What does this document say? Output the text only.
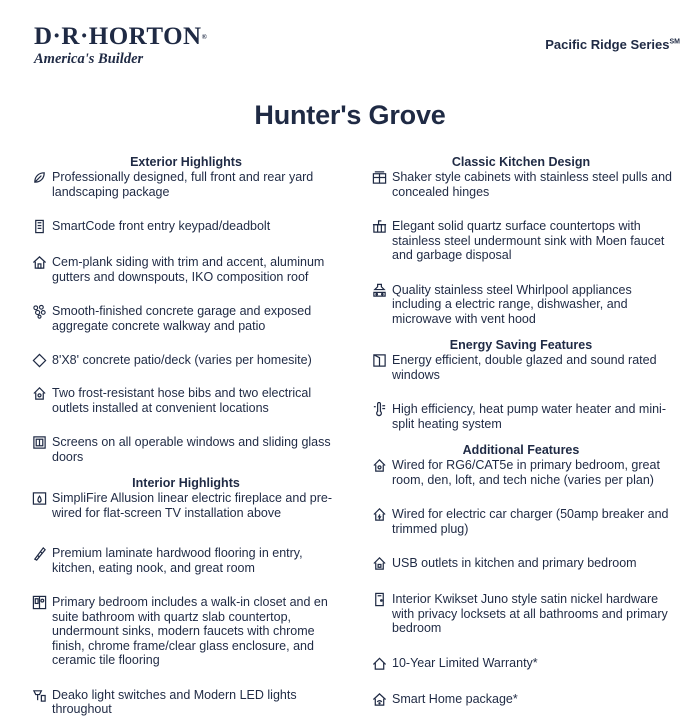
D·R·HORTON®
America's Builder
Pacific Ridge Series℠
Hunter's Grove
Exterior Highlights
Professionally designed, full front and rear yard landscaping package
SmartCode front entry keypad/deadbolt
Cem-plank siding with trim and accent, aluminum gutters and downspouts, IKO composition roof
Smooth-finished concrete garage and exposed aggregate concrete walkway and patio
8'X8' concrete patio/deck (varies per homesite)
Two frost-resistant hose bibs and two electrical outlets installed at convenient locations
Screens on all operable windows and sliding glass doors
Interior Highlights
SimpliFire Allusion linear electric fireplace and pre-wired for flat-screen TV installation above
Premium laminate hardwood flooring in entry, kitchen, eating nook, and great room
Primary bedroom includes a walk-in closet and en suite bathroom with quartz slab countertop, undermount sinks, modern faucets with chrome finish, chrome frame/clear glass enclosure, and ceramic tile flooring
Deako light switches and Modern LED lights throughout
Classic Kitchen Design
Shaker style cabinets with stainless steel pulls and concealed hinges
Elegant solid quartz surface countertops with stainless steel undermount sink with Moen faucet and garbage disposal
Quality stainless steel Whirlpool appliances including a electric range, dishwasher, and microwave with vent hood
Energy Saving Features
Energy efficient, double glazed and sound rated windows
High efficiency, heat pump water heater and mini-split heating system
Additional Features
Wired for RG6/CAT5e in primary bedroom, great room, den, loft, and tech niche (varies per plan)
Wired for electric car charger (50amp breaker and trimmed plug)
USB outlets in kitchen and primary bedroom
Interior Kwikset Juno style satin nickel hardware with privacy locksets at all bathrooms and primary bedroom
10-Year Limited Warranty*
Smart Home package*
